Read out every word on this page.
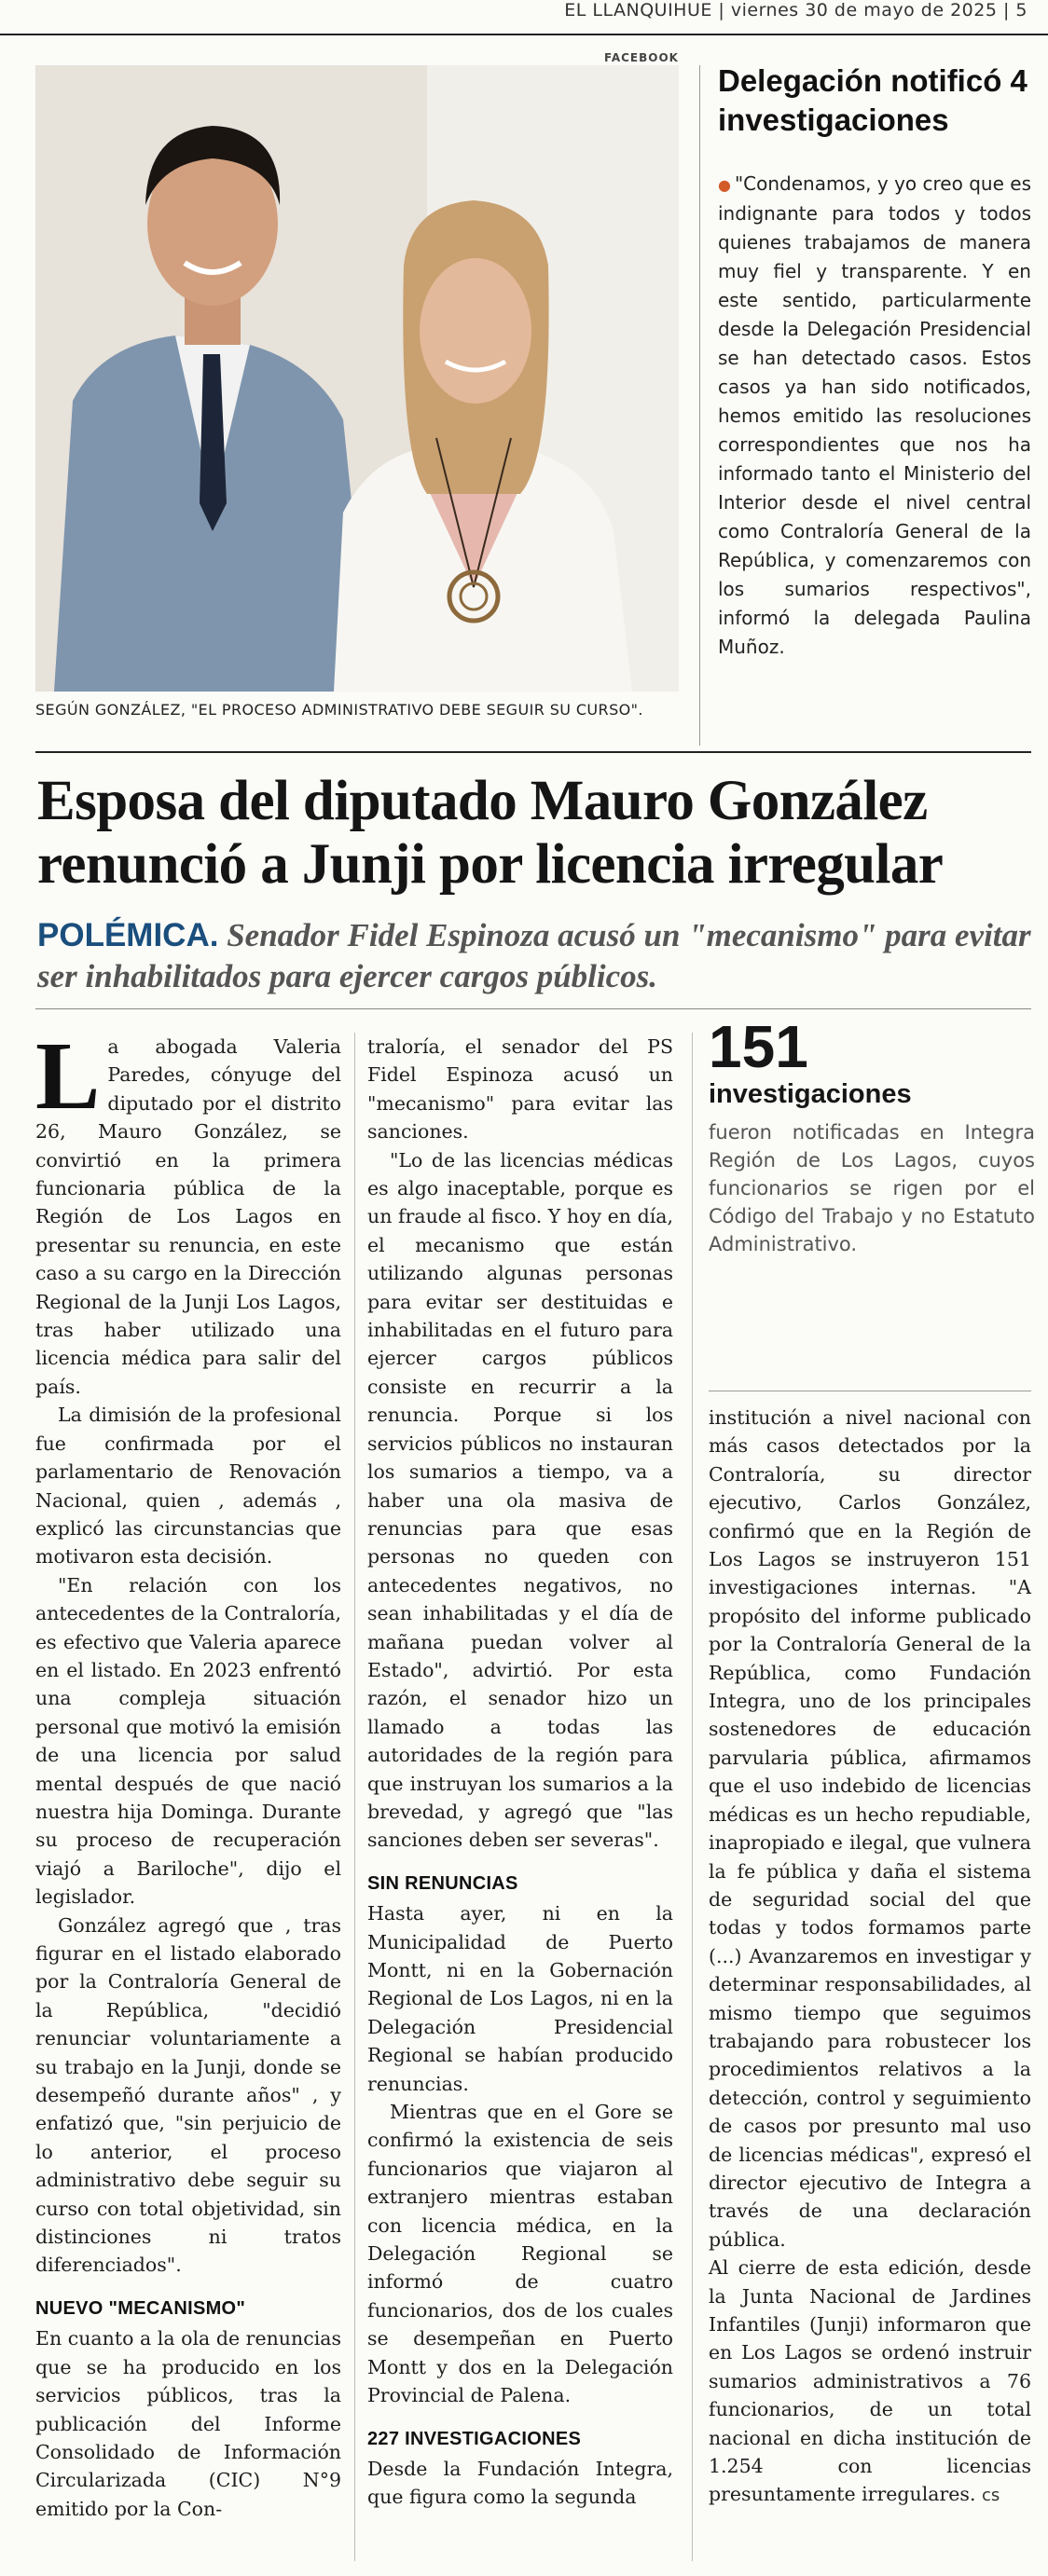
EL LLANQUIHUE | viernes 30 de mayo de 2025 | 5
FACEBOOK
SEGÚN GONZÁLEZ, "EL PROCESO ADMINISTRATIVO DEBE SEGUIR SU CURSO".
Delegación notificó 4 investigaciones
● "Condenamos, y yo creo que es indignante para todos y todos quienes trabajamos de manera muy fiel y transparente. Y en este sentido, particularmente desde la Delegación Presidencial se han detectado casos. Estos casos ya han sido notificados, hemos emitido las resoluciones correspondientes que nos ha informado tanto el Ministerio del Interior desde el nivel central como Contraloría General de la República, y comenzaremos con los sumarios respectivos", informó la delegada Paulina Muñoz.
Esposa del diputado Mauro González renunció a Junji por licencia irregular
POLÉMICA. Senador Fidel Espinoza acusó un "mecanismo" para evitar ser inhabilitados para ejercer cargos públicos.

La abogada Valeria Paredes, cónyuge del diputado por el distrito 26, Mauro González, se convirtió en la primera funcionaria pública de la Región de Los Lagos en presentar su renuncia, en este caso a su cargo en la Dirección Regional de la Junji Los Lagos, tras haber utilizado una licencia médica para salir del país.

La dimisión de la profesional fue confirmada por el parlamentario de Renovación Nacional, quien , además , explicó las circunstancias que motivaron esta decisión.

"En relación con los antecedentes de la Contraloría, es efectivo que Valeria aparece en el listado. En 2023 enfrentó una compleja situación personal que motivó la emisión de una licencia por salud mental después de que nació nuestra hija Dominga. Durante su proceso de recuperación viajó a Bariloche", dijo el legislador.

González agregó que , tras figurar en el listado elaborado por la Contraloría General de la República, "decidió renunciar voluntariamente a su trabajo en la Junji, donde se desempeñó durante años" , y enfatizó que, "sin perjuicio de lo anterior, el proceso administrativo debe seguir su curso con total objetividad, sin distinciones ni tratos diferenciados".

NUEVO "MECANISMO"

En cuanto a la ola de renuncias que se ha producido en los servicios públicos, tras la publicación del Informe Consolidado de Información Circularizada (CIC) N°9 emitido por la Con-

traloría, el senador del PS Fidel Espinoza acusó un "mecanismo" para evitar las sanciones.

"Lo de las licencias médicas es algo inaceptable, porque es un fraude al fisco. Y hoy en día, el mecanismo que están utilizando algunas personas para evitar ser destituidas e inhabilitadas en el futuro para ejercer cargos públicos consiste en recurrir a la renuncia. Porque si los servicios públicos no instauran los sumarios a tiempo, va a haber una ola masiva de renuncias para que esas personas no queden con antecedentes negativos, no sean inhabilitadas y el día de mañana puedan volver al Estado", advirtió. Por esta razón, el senador hizo un llamado a todas las autoridades de la región para que instruyan los sumarios a la brevedad, y agregó que "las sanciones deben ser severas".

SIN RENUNCIAS

Hasta ayer, ni en la Municipalidad de Puerto Montt, ni en la Gobernación Regional de Los Lagos, ni en la Delegación Presidencial Regional se habían producido renuncias.

Mientras que en el Gore se confirmó la existencia de seis funcionarios que viajaron al extranjero mientras estaban con licencia médica, en la Delegación Regional se informó de cuatro funcionarios, dos de los cuales se desempeñan en Puerto Montt y dos en la Delegación Provincial de Palena.

227 INVESTIGACIONES

Desde la Fundación Integra, que figura como la segunda

151
investigaciones
fueron notificadas en Integra Región de Los Lagos, cuyos funcionarios se rigen por el Código del Trabajo y no Estatuto Administrativo.

institución a nivel nacional con más casos detectados por la Contraloría, su director ejecutivo, Carlos González, confirmó que en la Región de Los Lagos se instruyeron 151 investigaciones internas. "A propósito del informe publicado por la Contraloría General de la República, como Fundación Integra, uno de los principales sostenedores de educación parvularia pública, afirmamos que el uso indebido de licencias médicas es un hecho repudiable, inapropiado e ilegal, que vulnera la fe pública y daña el sistema de seguridad social del que todas y todos formamos parte (...) Avanzaremos en investigar y determinar responsabilidades, al mismo tiempo que seguimos trabajando para robustecer los procedimientos relativos a la detección, control y seguimiento de casos por presunto mal uso de licencias médicas", expresó el director ejecutivo de Integra a través de una declaración pública.

Al cierre de esta edición, desde la Junta Nacional de Jardines Infantiles (Junji) informaron que en Los Lagos se ordenó instruir sumarios administrativos a 76 funcionarios, de un total nacional en dicha institución de 1.254 con licencias presuntamente irregulares. cs
